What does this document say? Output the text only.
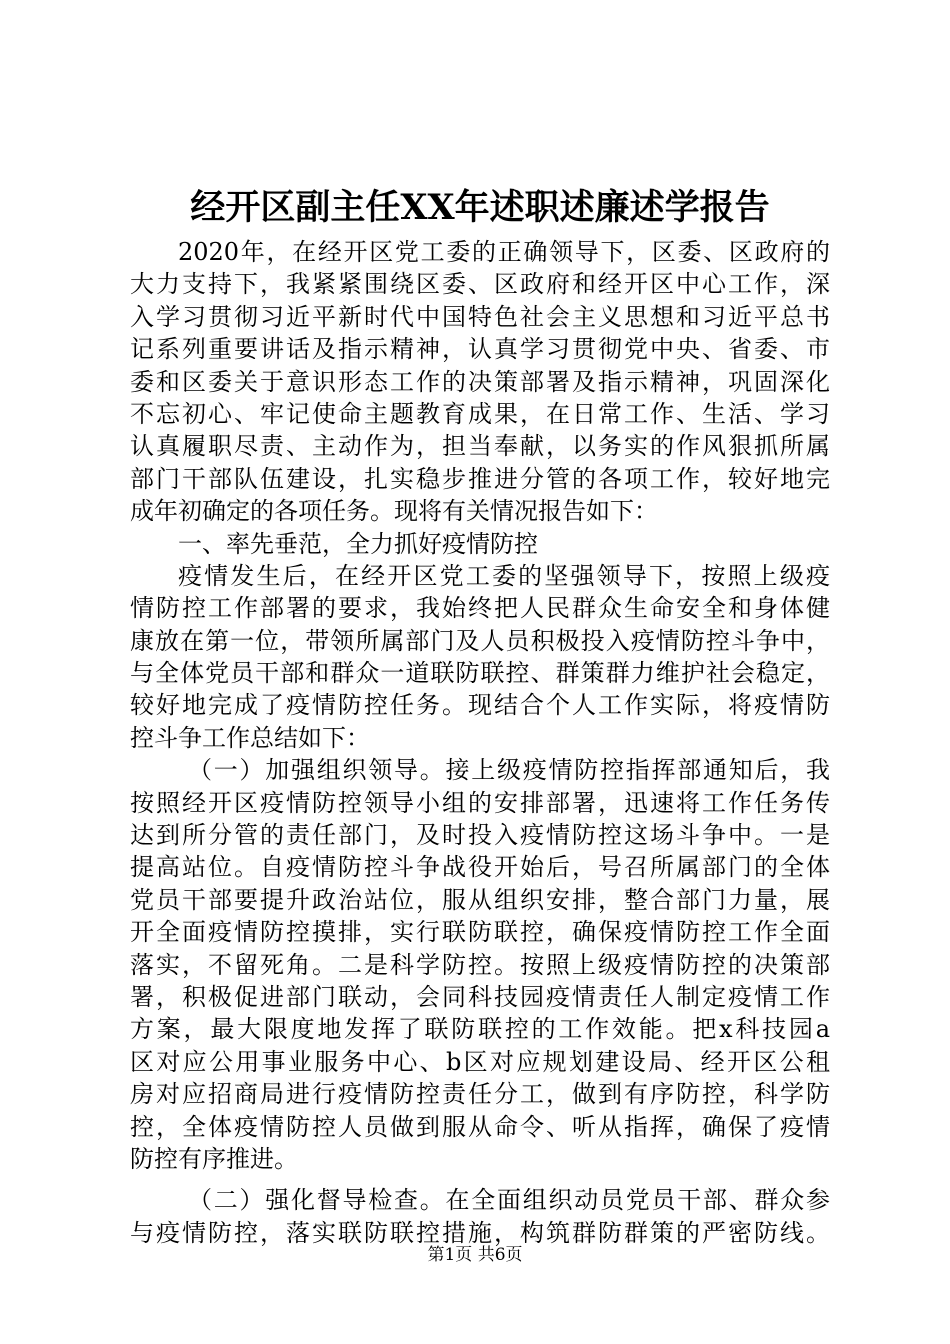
经开区副主任XX年述职述廉述学报告
2020年，在经开区党工委的正确领导下，区委、区政府的
大力支持下，我紧紧围绕区委、区政府和经开区中心工作，深
入学习贯彻习近平新时代中国特色社会主义思想和习近平总书
记系列重要讲话及指示精神，认真学习贯彻党中央、省委、市
委和区委关于意识形态工作的决策部署及指示精神，巩固深化
不忘初心、牢记使命主题教育成果，在日常工作、生活、学习
认真履职尽责、主动作为，担当奉献，以务实的作风狠抓所属
部门干部队伍建设，扎实稳步推进分管的各项工作，较好地完
成年初确定的各项任务。现将有关情况报告如下：
一、率先垂范，全力抓好疫情防控
疫情发生后，在经开区党工委的坚强领导下，按照上级疫
情防控工作部署的要求，我始终把人民群众生命安全和身体健
康放在第一位，带领所属部门及人员积极投入疫情防控斗争中，
与全体党员干部和群众一道联防联控、群策群力维护社会稳定，
较好地完成了疫情防控任务。现结合个人工作实际，将疫情防
控斗争工作总结如下：
（一）加强组织领导。接上级疫情防控指挥部通知后，我
按照经开区疫情防控领导小组的安排部署，迅速将工作任务传
达到所分管的责任部门，及时投入疫情防控这场斗争中。一是
提高站位。自疫情防控斗争战役开始后，号召所属部门的全体
党员干部要提升政治站位，服从组织安排，整合部门力量，展
开全面疫情防控摸排，实行联防联控，确保疫情防控工作全面
落实，不留死角。二是科学防控。按照上级疫情防控的决策部
署，积极促进部门联动，会同科技园疫情责任人制定疫情工作
方案，最大限度地发挥了联防联控的工作效能。把x科技园a
区对应公用事业服务中心、b区对应规划建设局、经开区公租
房对应招商局进行疫情防控责任分工，做到有序防控，科学防
控，全体疫情防控人员做到服从命令、听从指挥，确保了疫情
防控有序推进。
（二）强化督导检查。在全面组织动员党员干部、群众参
与疫情防控，落实联防联控措施，构筑群防群策的严密防线。
第1页 共6页
